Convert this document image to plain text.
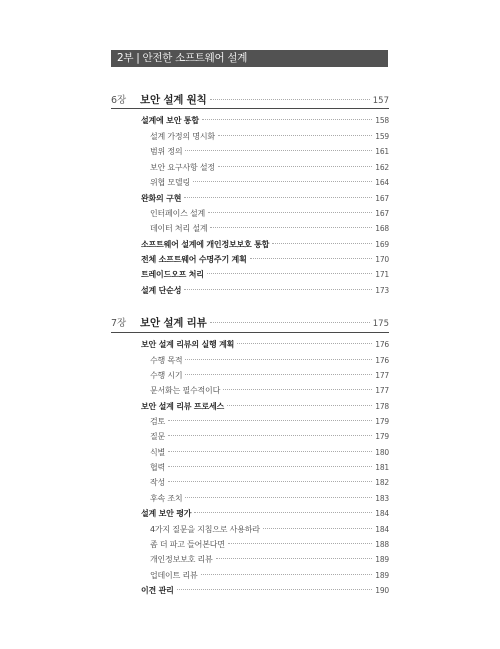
2부 | 안전한 소프트웨어 설계
6장	보안 설계 원칙	157
설계에 보안 통합	158
설계 가정의 명시화	159
범위 정의	161
보안 요구사항 설정	162
위협 모델링	164
완화의 구현	167
인터페이스 설계	167
데이터 처리 설계	168
소프트웨어 설계에 개인정보보호 통합	169
전체 소프트웨어 수명주기 계획	170
트레이드오프 처리	171
설계 단순성	173
7장	보안 설계 리뷰	175
보안 설계 리뷰의 실행 계획	176
수행 목적	176
수행 시기	177
문서화는 필수적이다	177
보안 설계 리뷰 프로세스	178
검토	179
질문	179
식별	180
협력	181
작성	182
후속 조치	183
설계 보안 평가	184
4가지 질문을 지침으로 사용하라	184
좀 더 파고 들어본다면	188
개인정보보호 리뷰	189
업데이트 리뷰	189
이견 관리	190
